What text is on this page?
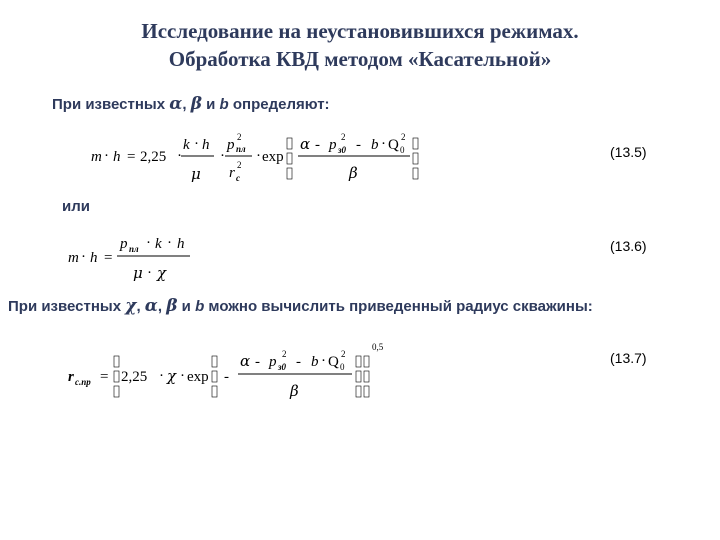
Исследование на неустановившихся режимах.
Обработка КВД методом «Касательной»
При известных α, β и b определяют:
или
При известных χ, α, β и b можно вычислить приведенный радиус скважины:
(13.5)
(13.6)
(13.7)
m · h = 2,25 ·
k · h
μ
·
p пл
2
r c
2
· exp
α - p з0
2 - b · Q 0
2
β
m · h =
p пл · k · h
μ · χ
r с.пр = 2,25 · χ · exp -
α - p з0
2 - b · Q 0
2
β
0,5
